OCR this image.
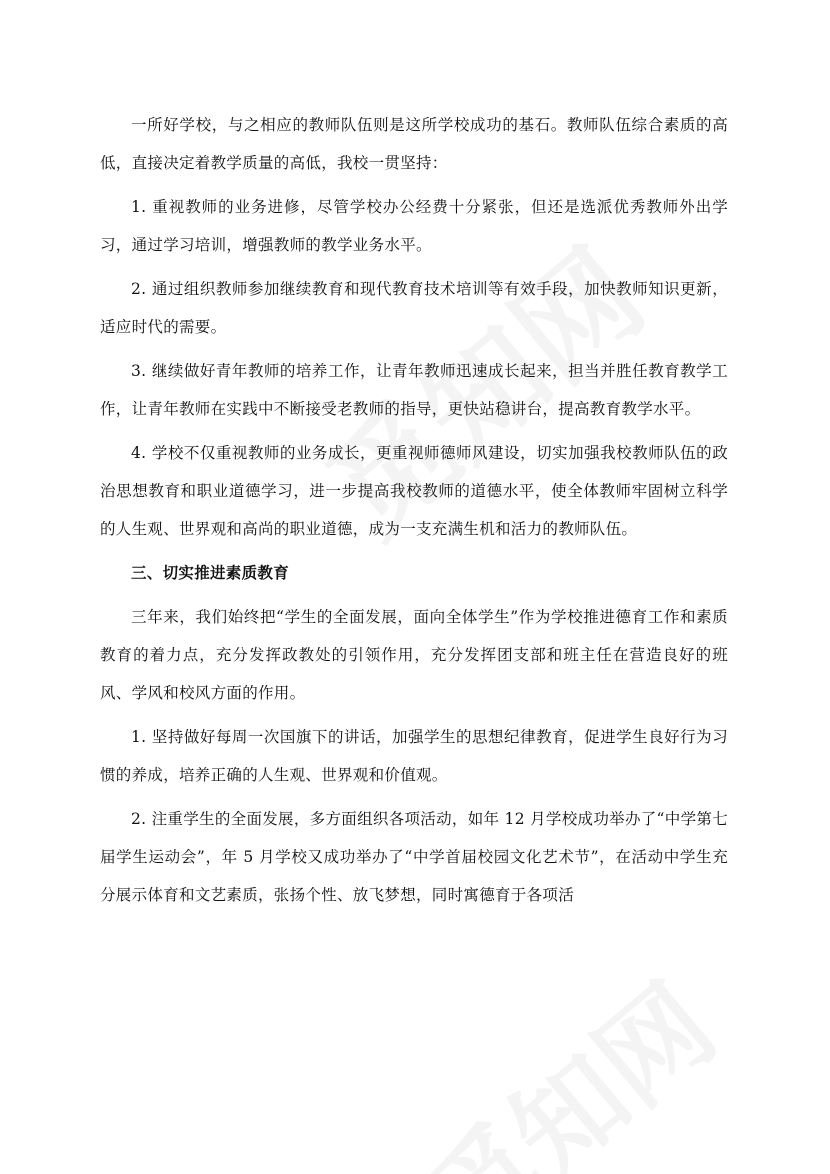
一所好学校，与之相应的教师队伍则是这所学校成功的基石。教师队伍综合素质的高低，直接决定着教学质量的高低，我校一贯坚持：

1. 重视教师的业务进修，尽管学校办公经费十分紧张，但还是选派优秀教师外出学习，通过学习培训，增强教师的教学业务水平。

2. 通过组织教师参加继续教育和现代教育技术培训等有效手段，加快教师知识更新，适应时代的需要。

3. 继续做好青年教师的培养工作，让青年教师迅速成长起来，担当并胜任教育教学工作，让青年教师在实践中不断接受老教师的指导，更快站稳讲台，提高教育教学水平。

4. 学校不仅重视教师的业务成长，更重视师德师风建设，切实加强我校教师队伍的政治思想教育和职业道德学习，进一步提高我校教师的道德水平，使全体教师牢固树立科学的人生观、世界观和高尚的职业道德，成为一支充满生机和活力的教师队伍。

三、切实推进素质教育

三年来，我们始终把“学生的全面发展，面向全体学生”作为学校推进德育工作和素质教育的着力点，充分发挥政教处的引领作用，充分发挥团支部和班主任在营造良好的班风、学风和校风方面的作用。

1. 坚持做好每周一次国旗下的讲话，加强学生的思想纪律教育，促进学生良好行为习惯的养成，培养正确的人生观、世界观和价值观。

2. 注重学生的全面发展，多方面组织各项活动，如年 12 月学校成功举办了“中学第七届学生运动会”，年 5 月学校又成功举办了“中学首届校园文化艺术节”，在活动中学生充分展示体育和文艺素质，张扬个性、放飞梦想，同时寓德育于各项活
